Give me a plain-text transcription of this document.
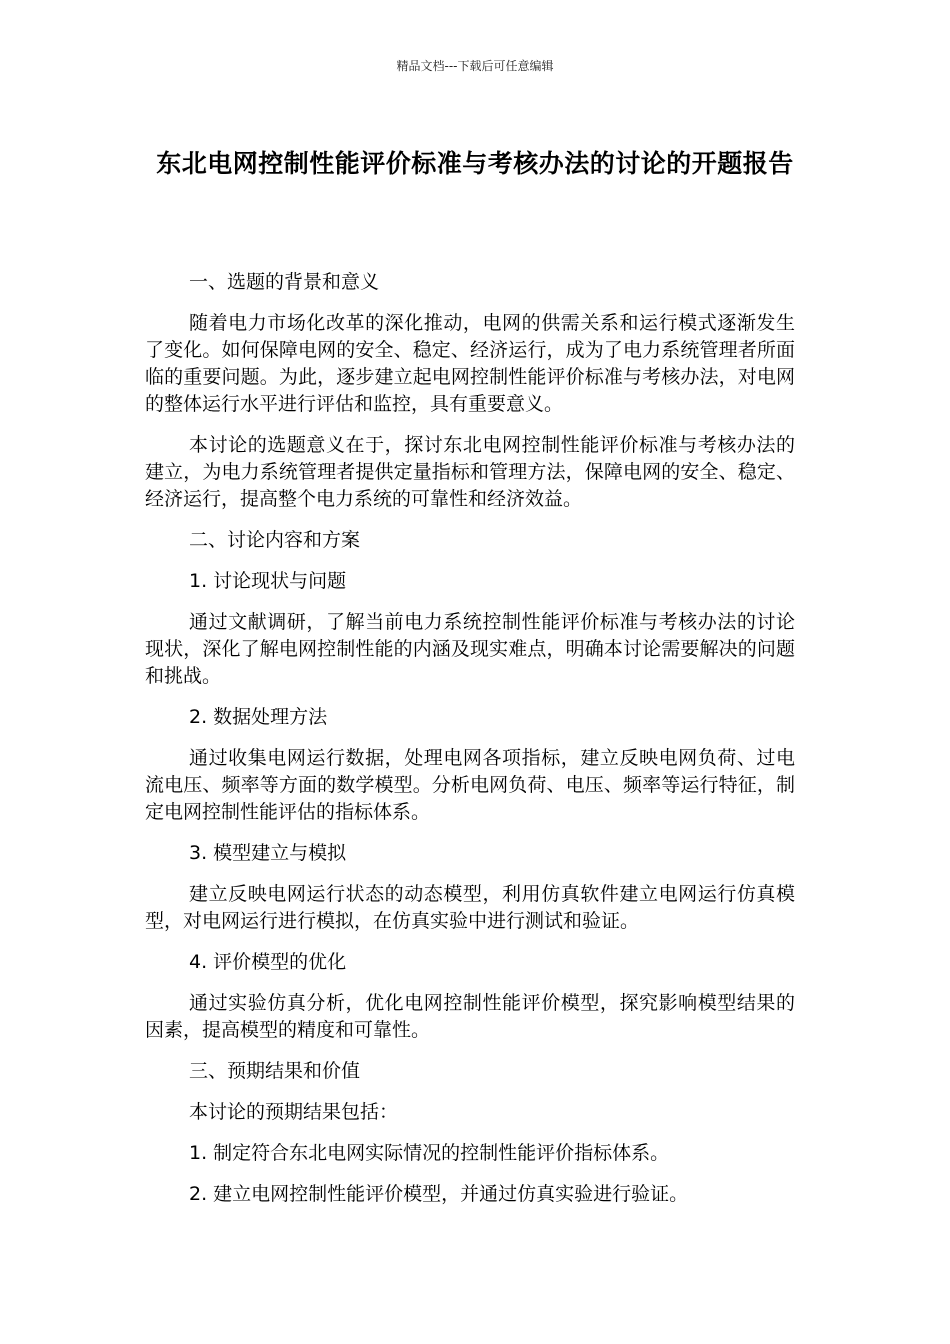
精品文档---下载后可任意编辑
东北电网控制性能评价标准与考核办法的讨论的开题报告
一、选题的背景和意义
随着电力市场化改革的深化推动，电网的供需关系和运行模式逐渐发生了变化。如何保障电网的安全、稳定、经济运行，成为了电力系统管理者所面临的重要问题。为此，逐步建立起电网控制性能评价标准与考核办法，对电网的整体运行水平进行评估和监控，具有重要意义。
本讨论的选题意义在于，探讨东北电网控制性能评价标准与考核办法的建立，为电力系统管理者提供定量指标和管理方法，保障电网的安全、稳定、经济运行，提高整个电力系统的可靠性和经济效益。
二、讨论内容和方案
1. 讨论现状与问题
通过文献调研，了解当前电力系统控制性能评价标准与考核办法的讨论现状，深化了解电网控制性能的内涵及现实难点，明确本讨论需要解决的问题和挑战。
2. 数据处理方法
通过收集电网运行数据，处理电网各项指标，建立反映电网负荷、过电流电压、频率等方面的数学模型。分析电网负荷、电压、频率等运行特征，制定电网控制性能评估的指标体系。
3. 模型建立与模拟
建立反映电网运行状态的动态模型，利用仿真软件建立电网运行仿真模型，对电网运行进行模拟，在仿真实验中进行测试和验证。
4. 评价模型的优化
通过实验仿真分析，优化电网控制性能评价模型，探究影响模型结果的因素，提高模型的精度和可靠性。
三、预期结果和价值
本讨论的预期结果包括：
1. 制定符合东北电网实际情况的控制性能评价指标体系。
2. 建立电网控制性能评价模型，并通过仿真实验进行验证。
